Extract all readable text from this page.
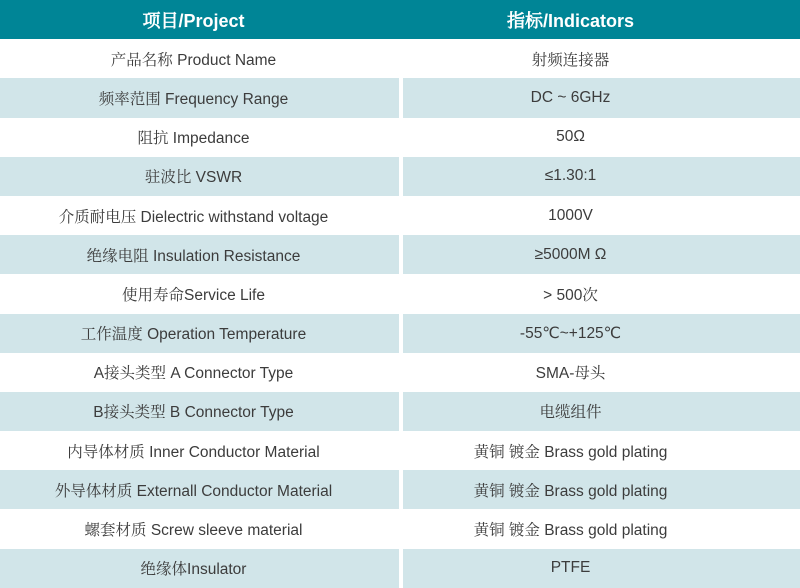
项目/Project	指标/Indicators
产品名称 Product Name	射频连接器
频率范围 Frequency Range	DC ~ 6GHz
阻抗 Impedance	50Ω
驻波比 VSWR	≤1.30:1
介质耐电压 Dielectric withstand voltage	1000V
绝缘电阻 Insulation Resistance	≥5000M Ω
使用寿命Service Life	> 500次
工作温度 Operation Temperature	-55℃~+125℃
A接头类型 A Connector Type	SMA-母头
B接头类型 B Connector Type	电缆组件
内导体材质 Inner Conductor Material	黄铜 镀金 Brass gold plating
外导体材质 Externall Conductor Material	黄铜 镀金 Brass gold plating
螺套材质 Screw sleeve material	黄铜 镀金 Brass gold plating
绝缘体Insulator	PTFE
